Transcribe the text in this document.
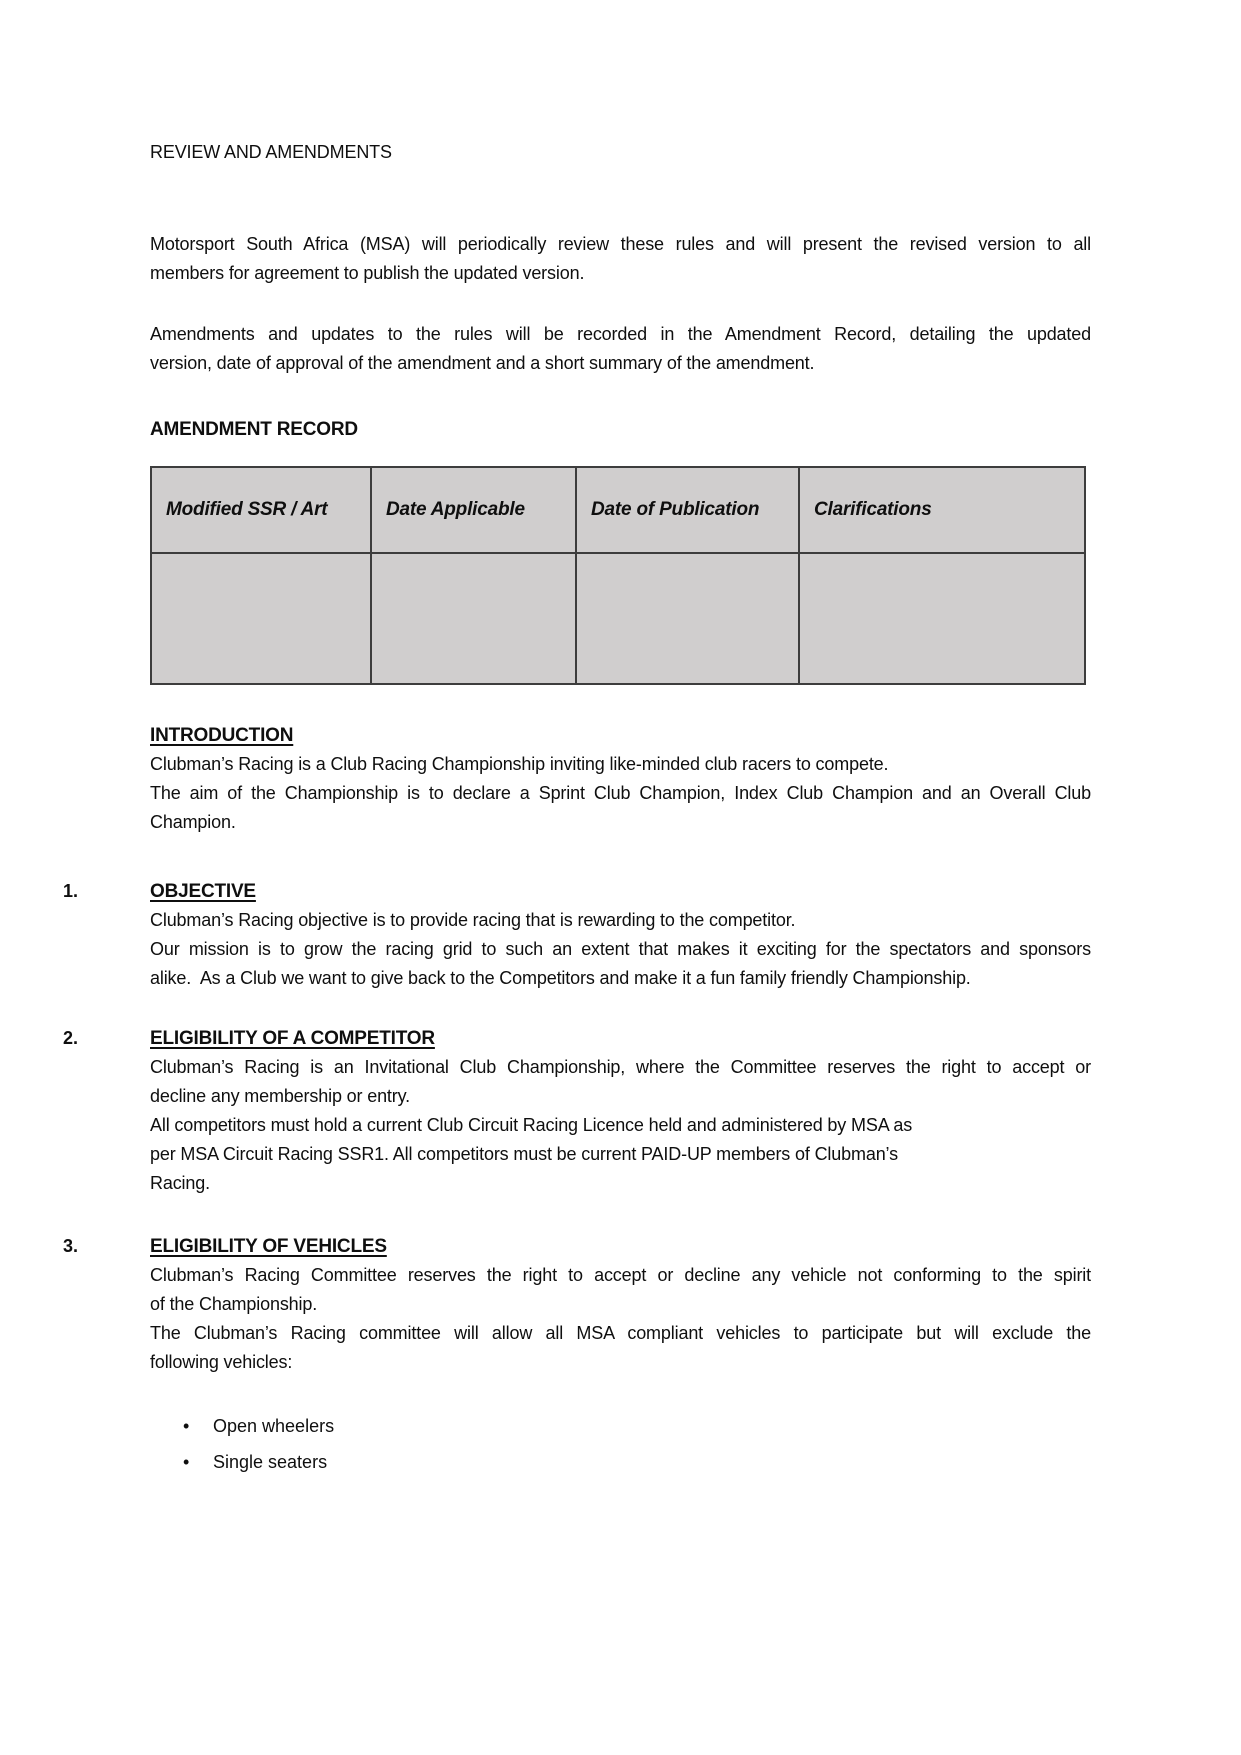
REVIEW AND AMENDMENTS
Motorsport South Africa (MSA) will periodically review these rules and will present the revised version to all
members for agreement to publish the updated version.
Amendments and updates to the rules will be recorded in the Amendment Record, detailing the updated
version, date of approval of the amendment and a short summary of the amendment.
AMENDMENT RECORD
Modified SSR / Art	Date Applicable	Date of Publication	Clarifications

INTRODUCTION
Clubman’s Racing is a Club Racing Championship inviting like-minded club racers to compete.
The aim of the Championship is to declare a Sprint Club Champion, Index Club Champion and an Overall Club
Champion.
1.	OBJECTIVE
Clubman’s Racing objective is to provide racing that is rewarding to the competitor.
Our mission is to grow the racing grid to such an extent that makes it exciting for the spectators and sponsors
alike.  As a Club we want to give back to the Competitors and make it a fun family friendly Championship.
2.	ELIGIBILITY OF A COMPETITOR
Clubman’s Racing is an Invitational Club Championship, where the Committee reserves the right to accept or
decline any membership or entry.
All competitors must hold a current Club Circuit Racing Licence held and administered by MSA as
per MSA Circuit Racing SSR1. All competitors must be current PAID-UP members of Clubman’s
Racing.
3.	ELIGIBILITY OF VEHICLES
Clubman’s Racing Committee reserves the right to accept or decline any vehicle not conforming to the spirit
of the Championship.
The Clubman’s Racing committee will allow all MSA compliant vehicles to participate but will exclude the
following vehicles:
•	Open wheelers
•	Single seaters
